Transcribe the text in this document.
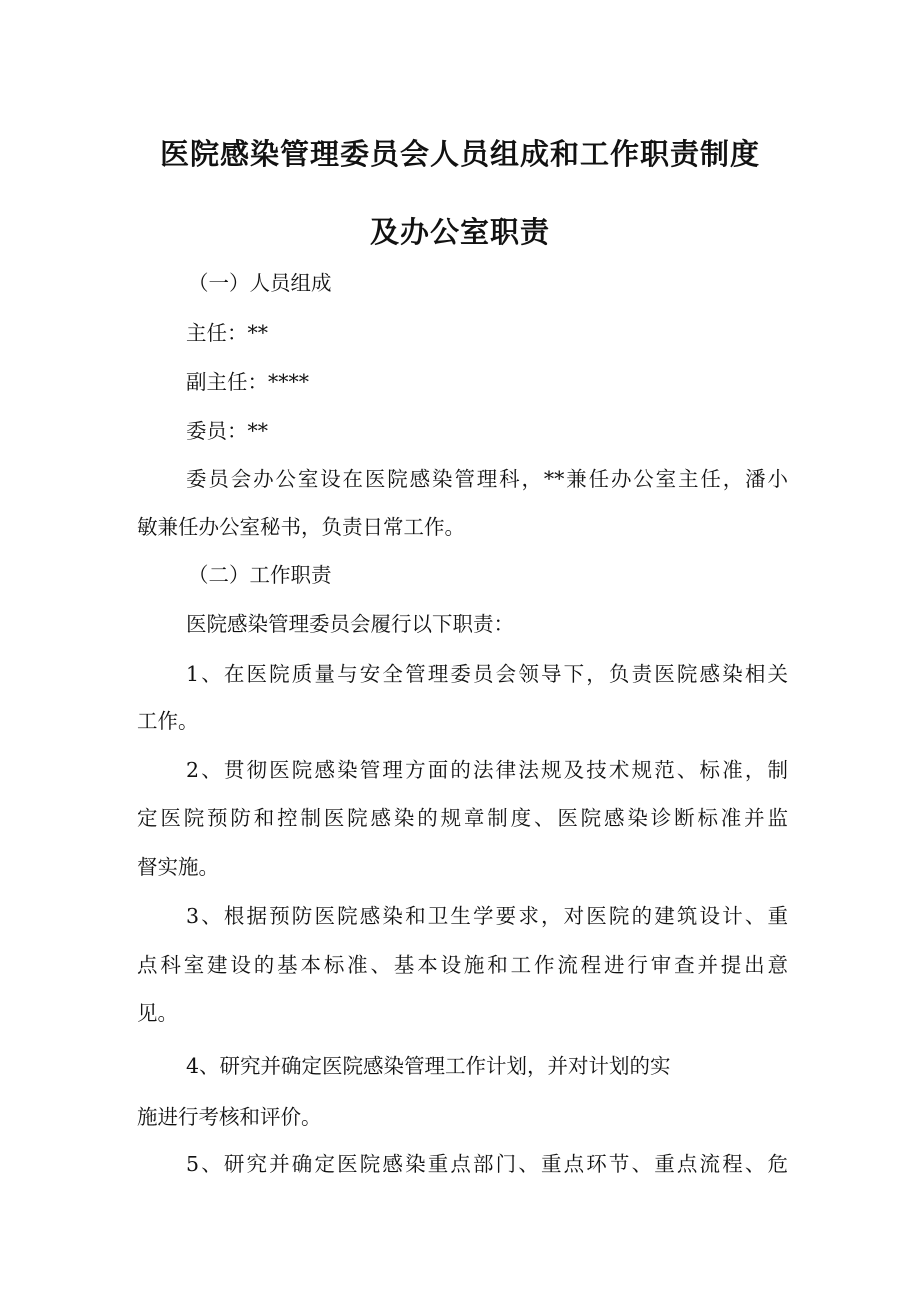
医院感染管理委员会人员组成和工作职责制度
及办公室职责

（一）人员组成

主任：**

副主任：****

委员：**

委员会办公室设在医院感染管理科，**兼任办公室主任，潘小

敏兼任办公室秘书，负责日常工作。

（二）工作职责

医院感染管理委员会履行以下职责：

1、在医院质量与安全管理委员会领导下，负责医院感染相关

工作。

2、贯彻医院感染管理方面的法律法规及技术规范、标准，制

定医院预防和控制医院感染的规章制度、医院感染诊断标准并监

督实施。

3、根据预防医院感染和卫生学要求，对医院的建筑设计、重

点科室建设的基本标准、基本设施和工作流程进行审查并提出意

见。

4、研究并确定医院感染管理工作计划，并对计划的实

施进行考核和评价。

5、研究并确定医院感染重点部门、重点环节、重点流程、危
